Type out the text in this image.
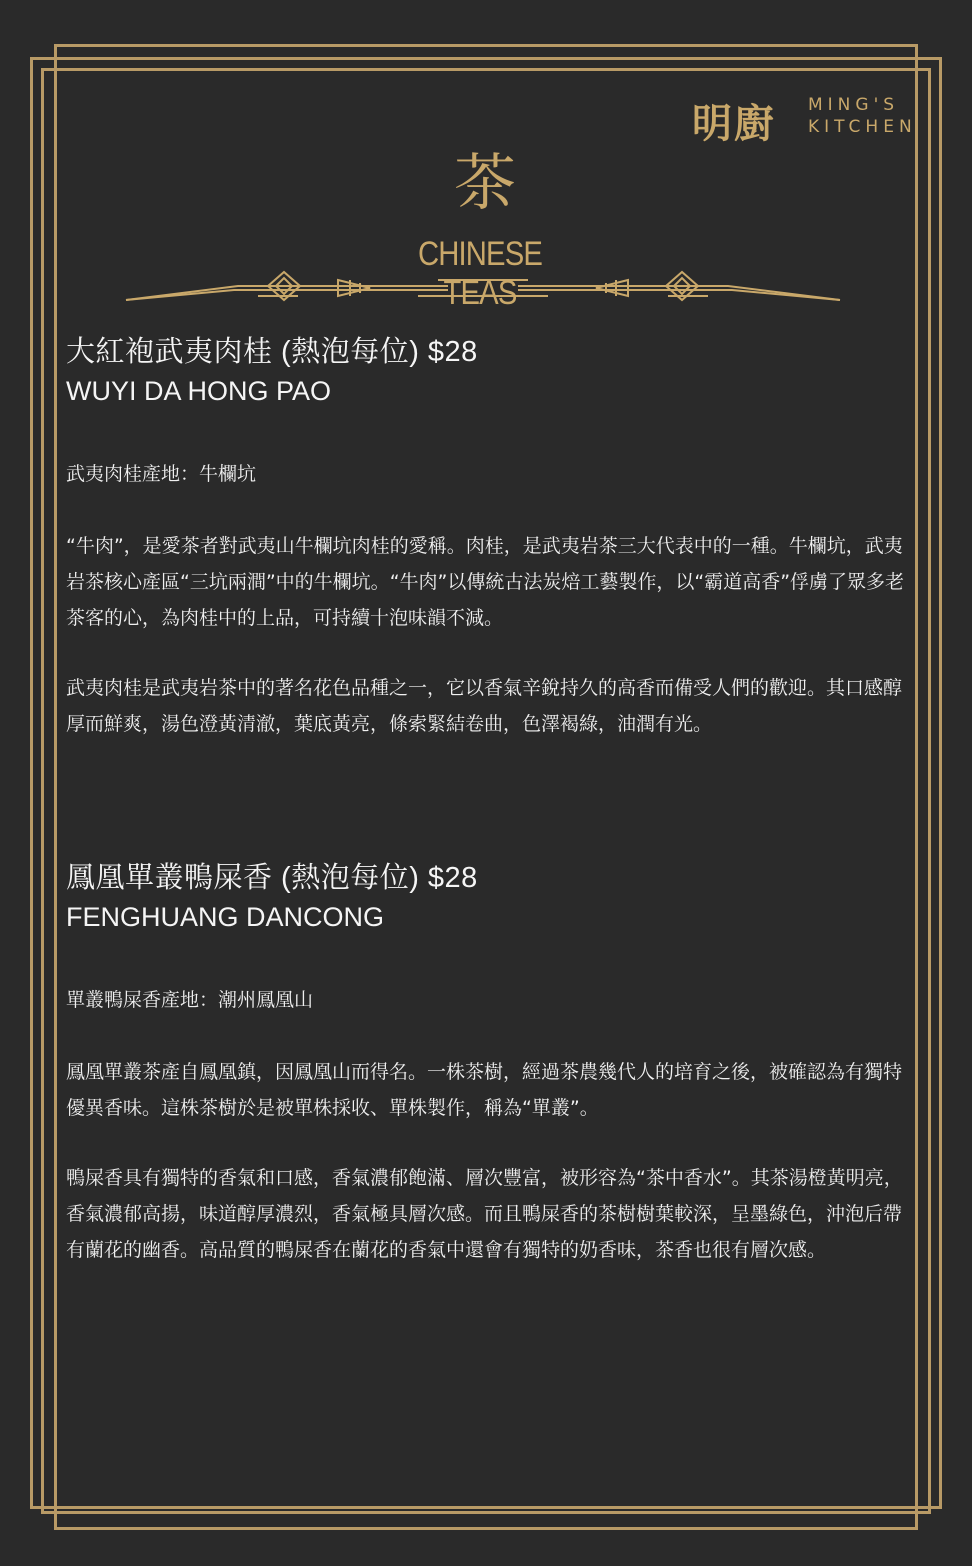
明廚 MING'S
KITCHEN
茶
CHINESE TEAS
大紅袍武夷肉桂 (熱泡每位) $28
WUYI DA HONG PAO
武夷肉桂產地：牛欄坑

“牛肉”，是愛茶者對武夷山牛欄坑肉桂的愛稱。肉桂，是武夷岩茶三大代表中的一種。牛欄坑，武夷岩茶核心產區“三坑兩澗”中的牛欄坑。“牛肉”以傳統古法炭焙工藝製作，以“霸道高香”俘虜了眾多老茶客的心，為肉桂中的上品，可持續十泡味韻不減。

武夷肉桂是武夷岩茶中的著名花色品種之一，它以香氣辛銳持久的高香而備受人們的歡迎。其口感醇厚而鮮爽，湯色澄黃清澈，葉底黃亮，條索緊結卷曲，色澤褐綠，油潤有光。

鳳凰單叢鴨屎香 (熱泡每位) $28
FENGHUANG DANCONG
單叢鴨屎香產地：潮州鳳凰山

鳳凰單叢茶產自鳳凰鎮，因鳳凰山而得名。一株茶樹，經過茶農幾代人的培育之後，被確認為有獨特優異香味。這株茶樹於是被單株採收、單株製作，稱為“單叢”。

鴨屎香具有獨特的香氣和口感，香氣濃郁飽滿、層次豐富，被形容為“茶中香水”。其茶湯橙黃明亮，香氣濃郁高揚，味道醇厚濃烈，香氣極具層次感。而且鴨屎香的茶樹樹葉較深，呈墨綠色，沖泡后帶有蘭花的幽香。高品質的鴨屎香在蘭花的香氣中還會有獨特的奶香味，茶香也很有層次感。
